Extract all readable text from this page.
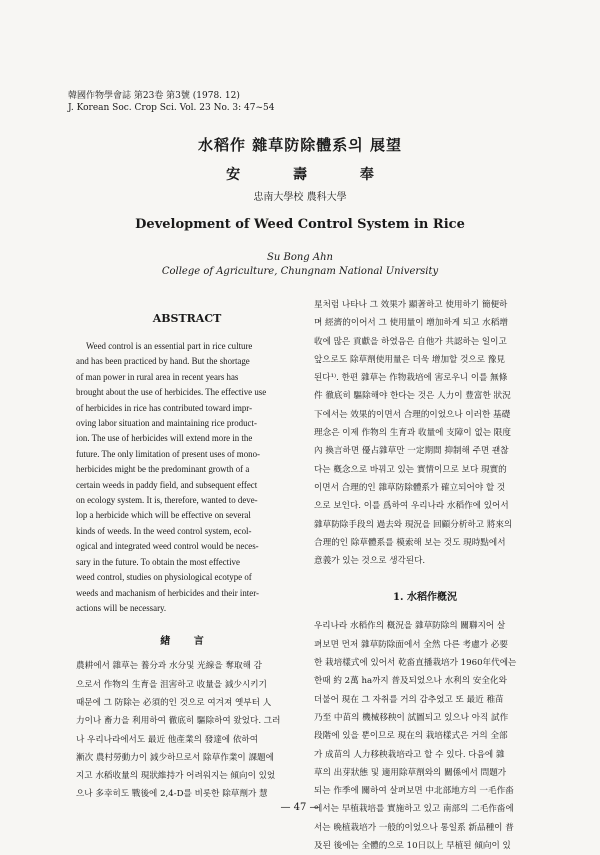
韓國作物學會誌 第23卷 第3號 (1978. 12)
J. Korean Soc. Crop Sci. Vol. 23 No. 3: 47~54
水稻作 雜草防除體系의 展望
安 壽 奉
忠南大學校 農科大學
Development of Weed Control System in Rice
Su Bong Ahn
College of Agriculture, Chungnam National University
ABSTRACT
Weed control is an essential part in rice culture
and has been practiced by hand. But the shortage
of man power in rural area in recent years has
brought about the use of herbicides. The effective use
of herbicides in rice has contributed toward impr-
oving labor situation and maintaining rice product-
ion. The use of herbicides will extend more in the
future. The only limitation of present uses of mono-
herbicides might be the predominant growth of a
certain weeds in paddy field, and subsequent effect
on ecology system. It is, therefore, wanted to deve-
lop a herbicide which will be effective on several
kinds of weeds. In the weed control system, ecol-
ogical and integrated weed control would be neces-
sary in the future. To obtain the most effective
weed control, studies on physiological ecotype of
weeds and machanism of herbicides and their inter-
actions will be necessary.
緖 言
農耕에서 雜草는 養分과 水分및 光線을 奪取해 감
으로서 作物의 生育을 沮害하고 收量을 減少시키기
때문에 그 防除는 必須的인 것으로 여겨져 옛부터 人
力이나 畜力을 利用하여 徹底히 驅除하여 왔었다. 그러
나 우리나라에서도 最近 他產業의 發達에 依하여
漸次 農村勞動力이 減少하므로서 除草作業이 課題에
지고 水稻收量의 現狀維持가 어려워지는 傾向이 있었
으나 多幸히도 戰後에 2,4-D를 비롯한 除草劑가 慧
星처럼 나타나 그 效果가 顯著하고 使用하기 簡便하
며 經濟的이어서 그 使用量이 增加하게 되고 水稻增
收에 많은 貢獻을 하였음은 自他가 共認하는 일이고
앞으로도 除草劑使用量은 더욱 增加할 것으로 豫見
된다¹⁾. 한편 雜草는 作物栽培에 害로우니 이를 無條
件 徹底히 驅除해야 한다는 것은 人力이 豊富한 狀況
下에서는 效果的이면서 合理的이었으나 이러한 基礎
理念은 이제 作物의 生育과 收量에 支障이 없는 限度
內 換言하면 優占雜草만 一定期間 抑制해 주면 괜찮
다는 槪念으로 바꿔고 있는 實情이므로 보다 現實的
이면서 合理的인 雜草防除體系가 確立되어야 할 것
으로 보인다. 이를 爲하여 우리나라 水稻作에 있어서
雜草防除手段의 過去와 現況을 回顧分析하고 將來의
合理的인 除草體系를 模索해 보는 것도 現時點에서
意義가 있는 것으로 생각된다.
1. 水稻作槪況
우리나라 水稻作의 槪況을 雜草防除의 關聯지어 살
펴보면 먼저 雜草防除面에서 全然 다른 考慮가 必要
한 栽培樣式에 있어서 乾畓直播栽培가 1960年代에는
한때 約 2萬 ha까지 普及되었으나 水利의 安全化와
더불어 現在 그 자취를 거의 감추었고 또 最近 稚苗
乃至 中苗의 機械移秧이 試圖되고 있으나 아직 試作
段階에 있을 뿐이므로 現在의 栽培樣式은 거의 全部
가 成苗의 人力移秧栽培라고 할 수 있다. 다음에 雜
草의 出芽狀態 및 適用除草劑와의 關係에서 問題가
되는 作季에 關하여 살펴보면 中北部地方의 一毛作畓
에서는 早植栽培를 實施하고 있고 南部의 二毛作畓에
서는 晩植栽培가 一般的이었으나 통일系 新品種이 普
及된 後에는 全體的으로 10日以上 早植된 傾向이 있
— 47 —
